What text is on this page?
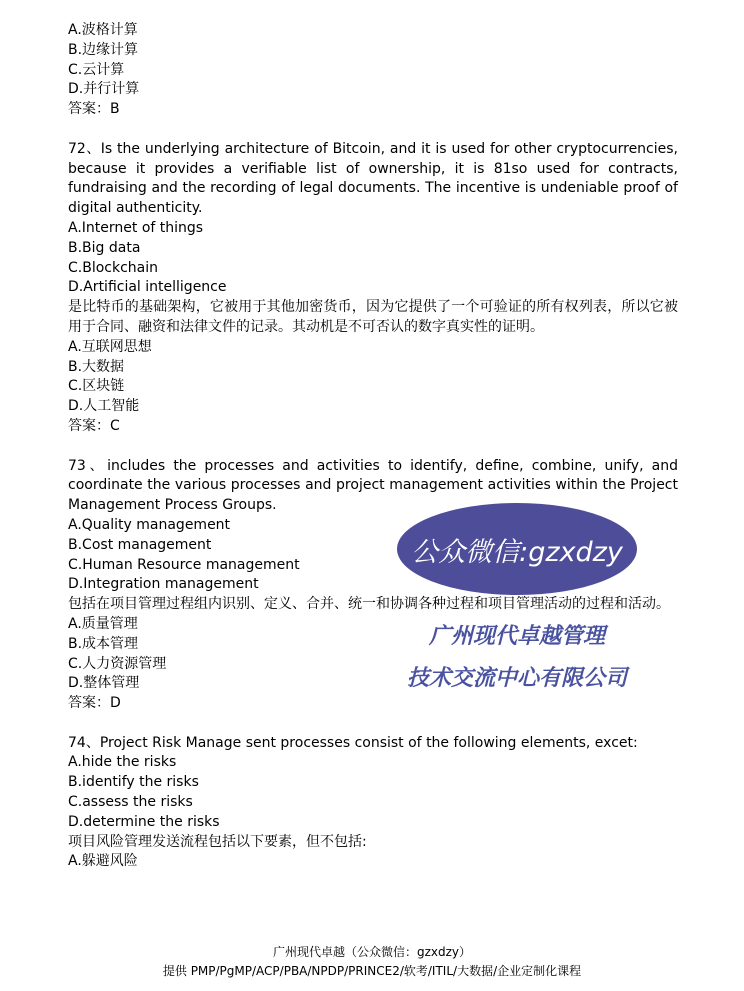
A.波格计算
B.边缘计算
C.云计算
D.并行计算
答案：B
72、Is the underlying architecture of Bitcoin, and it is used for other cryptocurrencies, because it provides a verifiable list of ownership, it is 81so used for contracts, fundraising and the recording of legal documents. The incentive is undeniable proof of digital authenticity.
A.Internet of things
B.Big data
C.Blockchain
D.Artificial intelligence
是比特币的基础架构，它被用于其他加密货币，因为它提供了一个可验证的所有权列表，所以它被用于合同、融资和法律文件的记录。其动机是不可否认的数字真实性的证明。
A.互联网思想
B.大数据
C.区块链
D.人工智能
答案：C
73、includes the processes and activities to identify, define, combine, unify, and coordinate the various processes and project management activities within the Project Management Process Groups.
A.Quality management
B.Cost management
C.Human Resource management
D.Integration management
包括在项目管理过程组内识别、定义、合并、统一和协调各种过程和项目管理活动的过程和活动。
A.质量管理
B.成本管理
C.人力资源管理
D.整体管理
答案：D
74、Project Risk Manage sent processes consist of the following elements, excet:
A.hide the risks
B.identify the risks
C.assess the risks
D.determine the risks
项目风险管理发送流程包括以下要素，但不包括:
A.躲避风险
公众微信:gzxdzy
广州现代卓越管理
技术交流中心有限公司
广州现代卓越（公众微信：gzxdzy）
提供 PMP/PgMP/ACP/PBA/NPDP/PRINCE2/软考/ITIL/大数据/企业定制化课程
